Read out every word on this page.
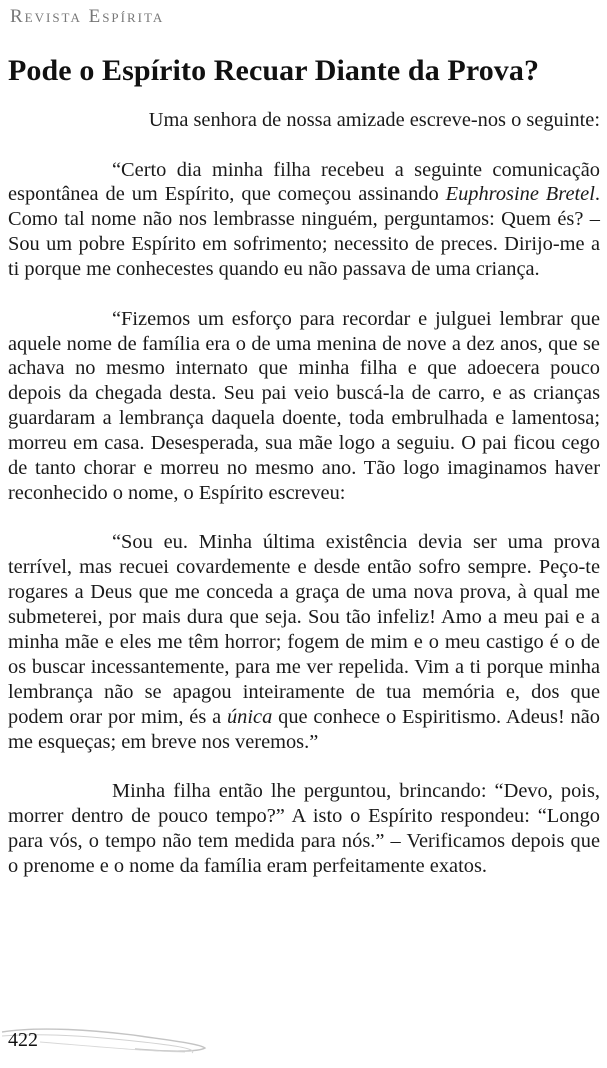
Revista Espírita
Pode o Espírito Recuar Diante da Prova?

Uma senhora de nossa amizade escreve-nos o seguinte:

“Certo dia minha filha recebeu a seguinte comunicação espontânea de um Espírito, que começou assinando Euphrosine Bretel. Como tal nome não nos lembrasse ninguém, perguntamos: Quem és? – Sou um pobre Espírito em sofrimento; necessito de preces. Dirijo-me a ti porque me conhecestes quando eu não passava de uma criança.

“Fizemos um esforço para recordar e julguei lembrar que aquele nome de família era o de uma menina de nove a dez anos, que se achava no mesmo internato que minha filha e que adoecera pouco depois da chegada desta. Seu pai veio buscá-la de carro, e as crianças guardaram a lembrança daquela doente, toda embrulhada e lamentosa; morreu em casa. Desesperada, sua mãe logo a seguiu. O pai ficou cego de tanto chorar e morreu no mesmo ano. Tão logo imaginamos haver reconhecido o nome, o Espírito escreveu:

“Sou eu. Minha última existência devia ser uma prova terrível, mas recuei covardemente e desde então sofro sempre. Peço-te rogares a Deus que me conceda a graça de uma nova prova, à qual me submeterei, por mais dura que seja. Sou tão infeliz! Amo a meu pai e a minha mãe e eles me têm horror; fogem de mim e o meu castigo é o de os buscar incessantemente, para me ver repelida. Vim a ti porque minha lembrança não se apagou inteiramente de tua memória e, dos que podem orar por mim, és a única que conhece o Espiritismo. Adeus! não me esqueças; em breve nos veremos.”

Minha filha então lhe perguntou, brincando: “Devo, pois, morrer dentro de pouco tempo?” A isto o Espírito respondeu: “Longo para vós, o tempo não tem medida para nós.” – Verificamos depois que o prenome e o nome da família eram perfeitamente exatos.

422
